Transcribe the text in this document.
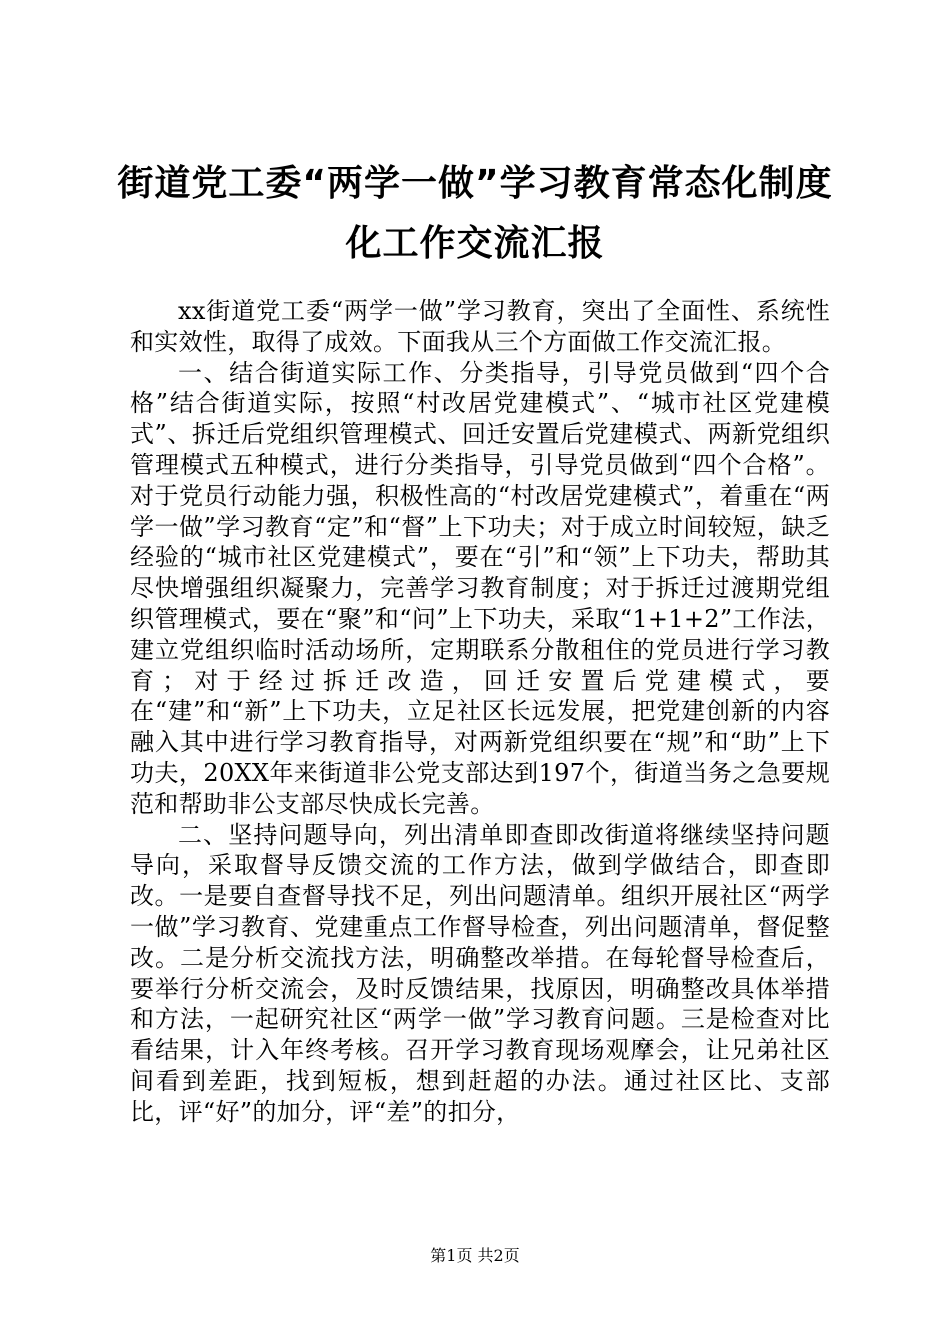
街道党工委“两学一做”学习教育常态化制度
化工作交流汇报

xx街道党工委“两学一做”学习教育，突出了全面性、系统性和实效性，取得了成效。下面我从三个方面做工作交流汇报。

一、结合街道实际工作、分类指导，引导党员做到“四个合格”结合街道实际，按照“村改居党建模式”、“城市社区党建模式”、拆迁后党组织管理模式、回迁安置后党建模式、两新党组织管理模式五种模式，进行分类指导，引导党员做到“四个合格”。对于党员行动能力强，积极性高的“村改居党建模式”，着重在“两学一做”学习教育“定”和“督”上下功夫；对于成立时间较短，缺乏经验的“城市社区党建模式”，要在“引”和“领”上下功夫，帮助其尽快增强组织凝聚力，完善学习教育制度；对于拆迁过渡期党组织管理模式，要在“聚”和“问”上下功夫，采取“1+1+2”工作法，建立党组织临时活动场所，定期联系分散租住的党员进行学习教育；对于经过拆迁改造，回迁安置后党建模式，要在“建”和“新”上下功夫，立足社区长远发展，把党建创新的内容融入其中进行学习教育指导，对两新党组织要在“规”和“助”上下功夫，20XX年来街道非公党支部达到197个，街道当务之急要规范和帮助非公支部尽快成长完善。

二、坚持问题导向，列出清单即查即改街道将继续坚持问题导向，采取督导反馈交流的工作方法，做到学做结合，即查即改。一是要自查督导找不足，列出问题清单。组织开展社区“两学一做”学习教育、党建重点工作督导检查，列出问题清单，督促整改。二是分析交流找方法，明确整改举措。在每轮督导检查后，要举行分析交流会，及时反馈结果，找原因，明确整改具体举措和方法，一起研究社区“两学一做”学习教育问题。三是检查对比看结果，计入年终考核。召开学习教育现场观摩会，让兄弟社区间看到差距，找到短板，想到赶超的办法。通过社区比、支部比，评“好”的加分，评“差”的扣分，

第1页 共2页
